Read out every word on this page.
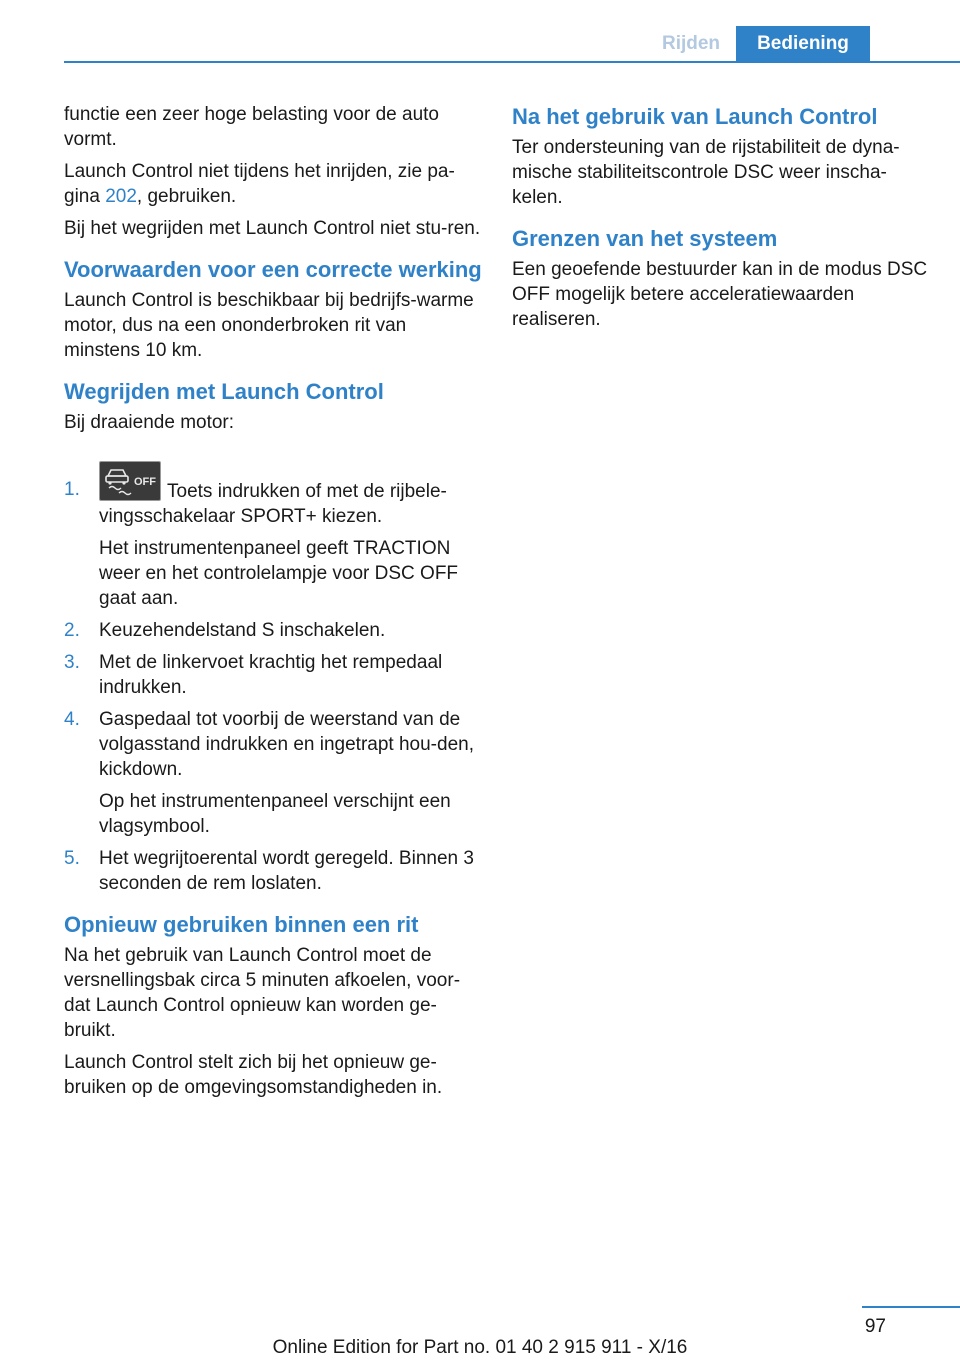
Rijden	Bediening

functie een zeer hoge belasting voor de auto vormt.

Launch Control niet tijdens het inrijden, zie pa‐gina 202, gebruiken.

Bij het wegrijden met Launch Control niet stu‐ren.

Voorwaarden voor een correcte werking

Launch Control is beschikbaar bij bedrijfs‐warme motor, dus na een ononderbroken rit van minstens 10 km.

Wegrijden met Launch Control

Bij draaiende motor:

1.	OFF Toets indrukken of met de rijbele‐vingsschakelaar SPORT+ kiezen.

Het instrumentenpaneel geeft TRACTION weer en het controlelampje voor DSC OFF gaat aan.

2. Keuzehendelstand S inschakelen.

3. Met de linkervoet krachtig het rempedaal indrukken.

4. Gaspedaal tot voorbij de weerstand van de volgasstand indrukken en ingetrapt hou‐den, kickdown.

Op het instrumentenpaneel verschijnt een vlagsymbool.

5. Het wegrijtoerental wordt geregeld. Binnen 3 seconden de rem loslaten.

Opnieuw gebruiken binnen een rit

Na het gebruik van Launch Control moet de versnellingsbak circa 5 minuten afkoelen, voor‐dat Launch Control opnieuw kan worden ge‐bruikt.

Launch Control stelt zich bij het opnieuw ge‐bruiken op de omgevingsomstandigheden in.

Na het gebruik van Launch Control

Ter ondersteuning van de rijstabiliteit de dyna‐mische stabiliteitscontrole DSC weer inscha‐kelen.

Grenzen van het systeem

Een geoefende bestuurder kan in de modus DSC OFF mogelijk betere acceleratiewaarden realiseren.

97
Online Edition for Part no. 01 40 2 915 911 - X/16
